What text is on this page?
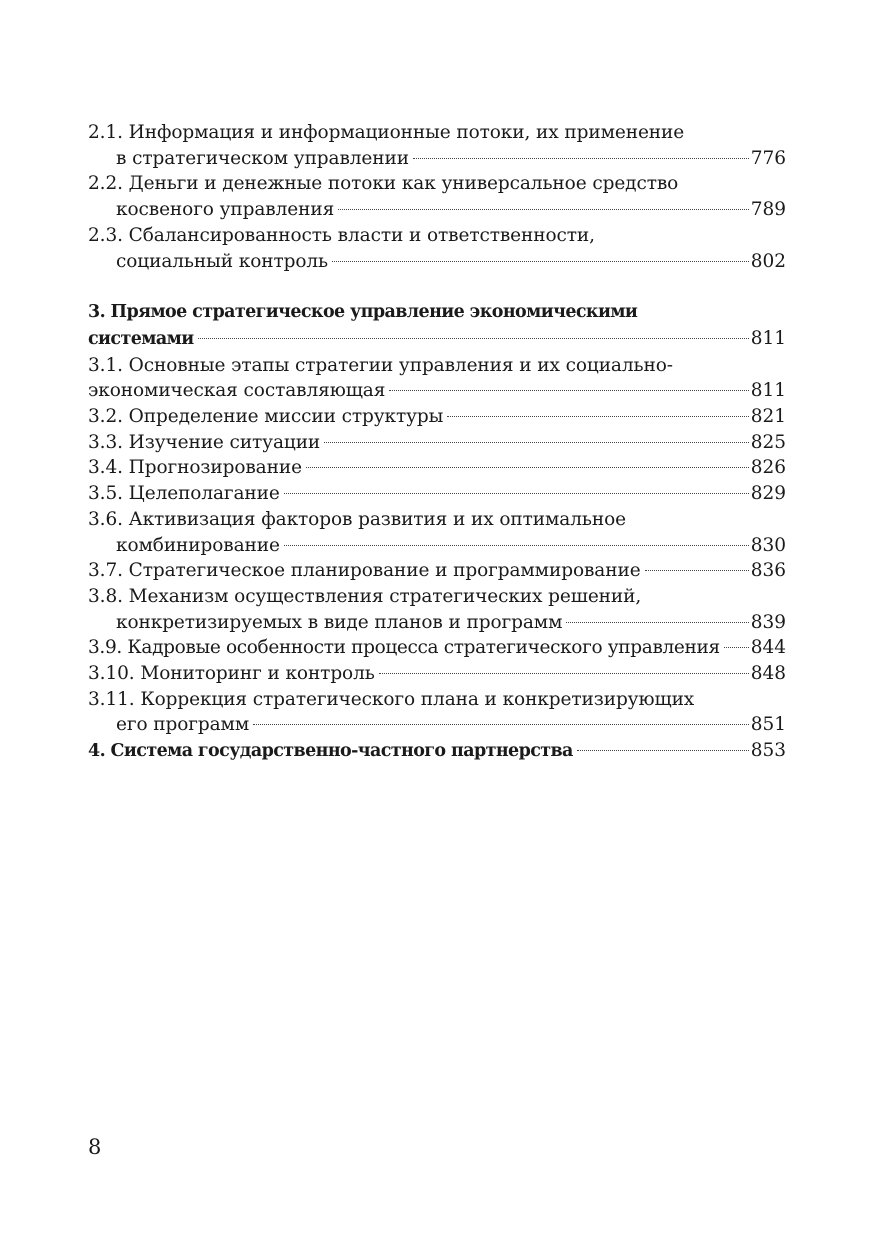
2.1. Информация и информационные потоки, их применение
в стратегическом управлении	776
2.2. Деньги и денежные потоки как универсальное средство
косвеного управления	789
2.3. Сбалансированность власти и ответственности,
социальный контроль	802
3. Прямое стратегическое управление экономическими
системами	811
3.1. Основные этапы стратегии управления и их социально-
экономическая составляющая	811
3.2. Определение миссии структуры	821
3.3. Изучение ситуации	825
3.4. Прогнозирование	826
3.5. Целеполагание	829
3.6. Активизация факторов развития и их оптимальное
комбинирование	830
3.7. Стратегическое планирование и программирование	836
3.8. Механизм осуществления стратегических решений,
конкретизируемых в виде планов и программ	839
3.9. Кадровые особенности процесса стратегического управления 844
3.10. Мониторинг и контроль	848
3.11. Коррекция стратегического плана и конкретизирующих
его программ	851
4. Система государственно-частного партнерства	853
8
